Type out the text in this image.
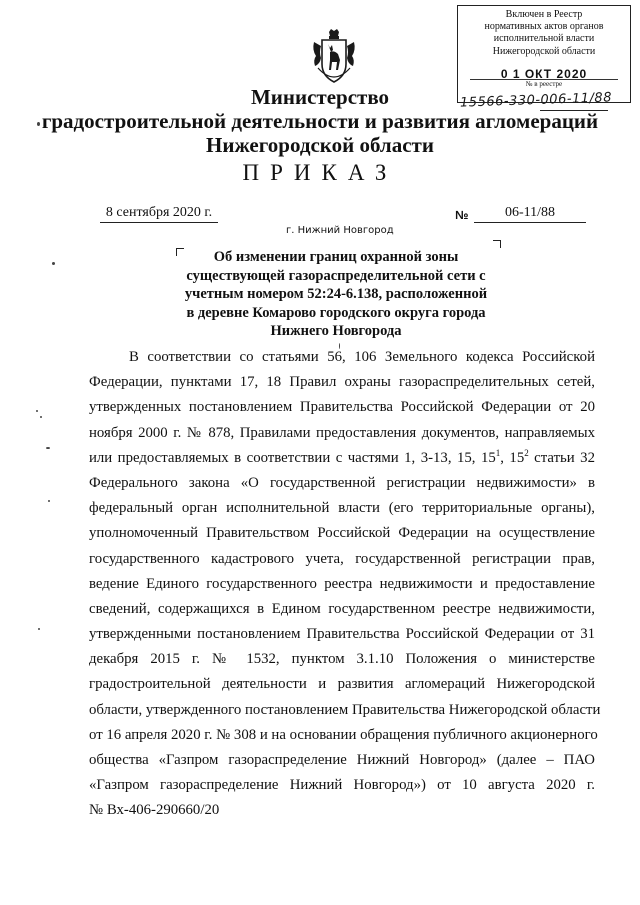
Включен в Реестр
нормативных актов органов
исполнительной власти
Нижегородской области
0 1 ОКТ 2020
№ в реестре
15566-330-006-11/88
Министерство
градостроительной деятельности и развития агломераций
Нижегородской области
ПРИКАЗ
8 сентября 2020 г.
г. Нижний Новгород
№	06-11/88
Об изменении границ охранной зоны
существующей газораспределительной сети с
учетным номером 52:24-6.138, расположенной
в деревне Комарово городского округа города
Нижнего Новгорода
В соответствии со статьями 56, 106 Земельного кодекса Российской
Федерации, пунктами 17, 18 Правил охраны газораспределительных сетей,
утвержденных постановлением Правительства Российской Федерации от 20
ноября 2000 г. № 878, Правилами предоставления документов, направляемых
или предоставляемых в соответствии с частями 1, 3-13, 15, $15^1$, $15^2$ статьи 32
Федерального закона «О государственной регистрации недвижимости» в
федеральный орган исполнительной власти (его территориальные органы),
уполномоченный Правительством Российской Федерации на осуществление
государственного кадастрового учета, государственной регистрации прав,
ведение Единого государственного реестра недвижимости и предоставление
сведений, содержащихся в Едином государственном реестре недвижимости,
утвержденными постановлением Правительства Российской Федерации от 31
декабря 2015 г. № 1532, пунктом 3.1.10 Положения о министерстве
градостроительной деятельности и развития агломераций Нижегородской
области, утвержденного постановлением Правительства Нижегородской области
от 16 апреля 2020 г. № 308 и на основании обращения публичного акционерного
общества «Газпром газораспределение Нижний Новгород» (далее – ПАО
«Газпром газораспределение Нижний Новгород») от 10 августа 2020 г.
№ Вх-406-290660/20
